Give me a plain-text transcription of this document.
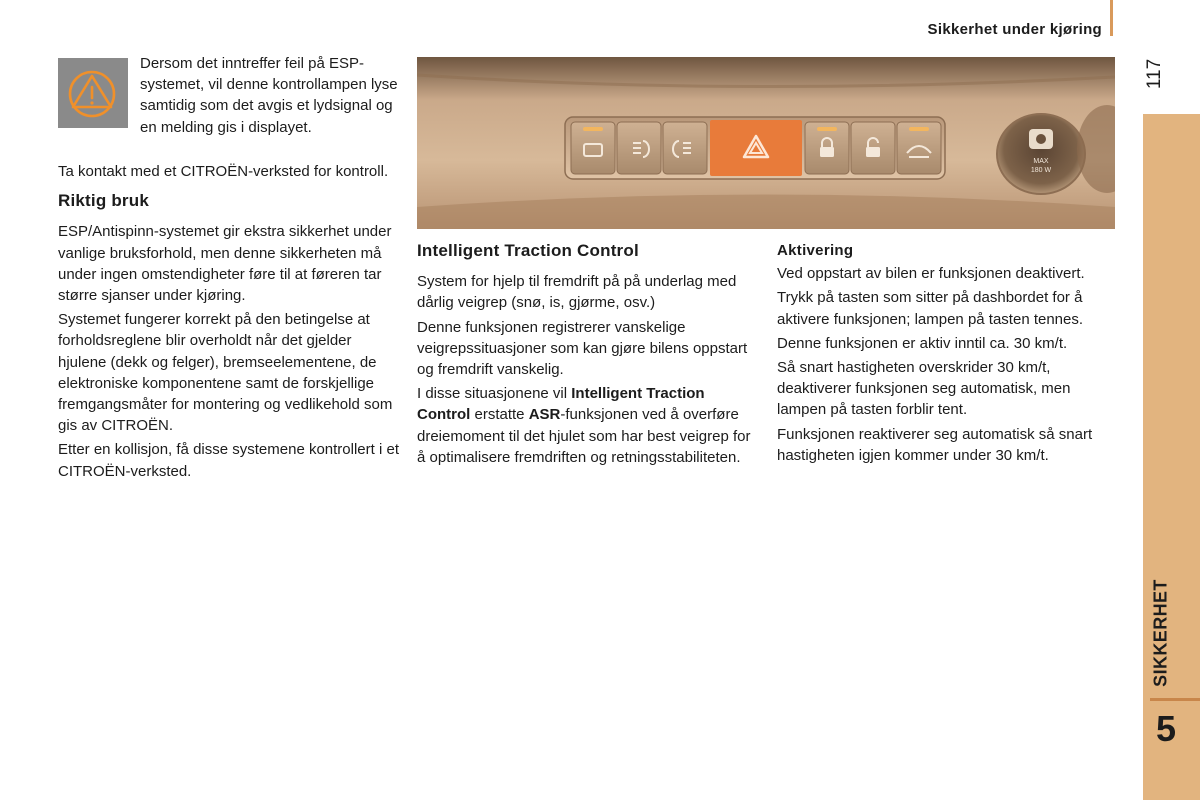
Sikkerhet under kjøring
117
SIKKERHET
5

Dersom det inntreffer feil på ESP-systemet, vil denne kontrollampen lyse samtidig som det avgis et lydsignal og en melding gis i displayet.

Ta kontakt med et CITROËN-verksted for kontroll.

Riktig bruk

ESP/Antispinn-systemet gir ekstra sikkerhet under vanlige bruksforhold, men denne sikkerheten må under ingen omstendigheter føre til at føreren tar større sjanser under kjøring.

Systemet fungerer korrekt på den betingelse at forholdsreglene blir overholdt når det gjelder hjulene (dekk og felger), bremseelementene, de elektroniske komponentene samt de forskjellige fremgangsmåter for montering og vedlikehold som gis av CITROËN.

Etter en kollisjon, få disse systemene kontrollert i et CITROËN-verksted.

MAX
180 W
Intelligent Traction Control

System for hjelp til fremdrift på på underlag med dårlig veigrep (snø, is, gjørme, osv.)

Denne funksjonen registrerer vanskelige veigrepssituasjoner som kan gjøre bilens oppstart og fremdrift vanskelig.

I disse situasjonene vil Intelligent Traction Control erstatte ASR-funksjonen ved å overføre dreiemoment til det hjulet som har best veigrep for å optimalisere fremdriften og retningsstabiliteten.

Aktivering

Ved oppstart av bilen er funksjonen deaktivert.

Trykk på tasten som sitter på dashbordet for å aktivere funksjonen; lampen på tasten tennes.

Denne funksjonen er aktiv inntil ca. 30 km/t.

Så snart hastigheten overskrider 30 km/t, deaktiverer funksjonen seg automatisk, men lampen på tasten forblir tent.

Funksjonen reaktiverer seg automatisk så snart hastigheten igjen kommer under 30 km/t.
